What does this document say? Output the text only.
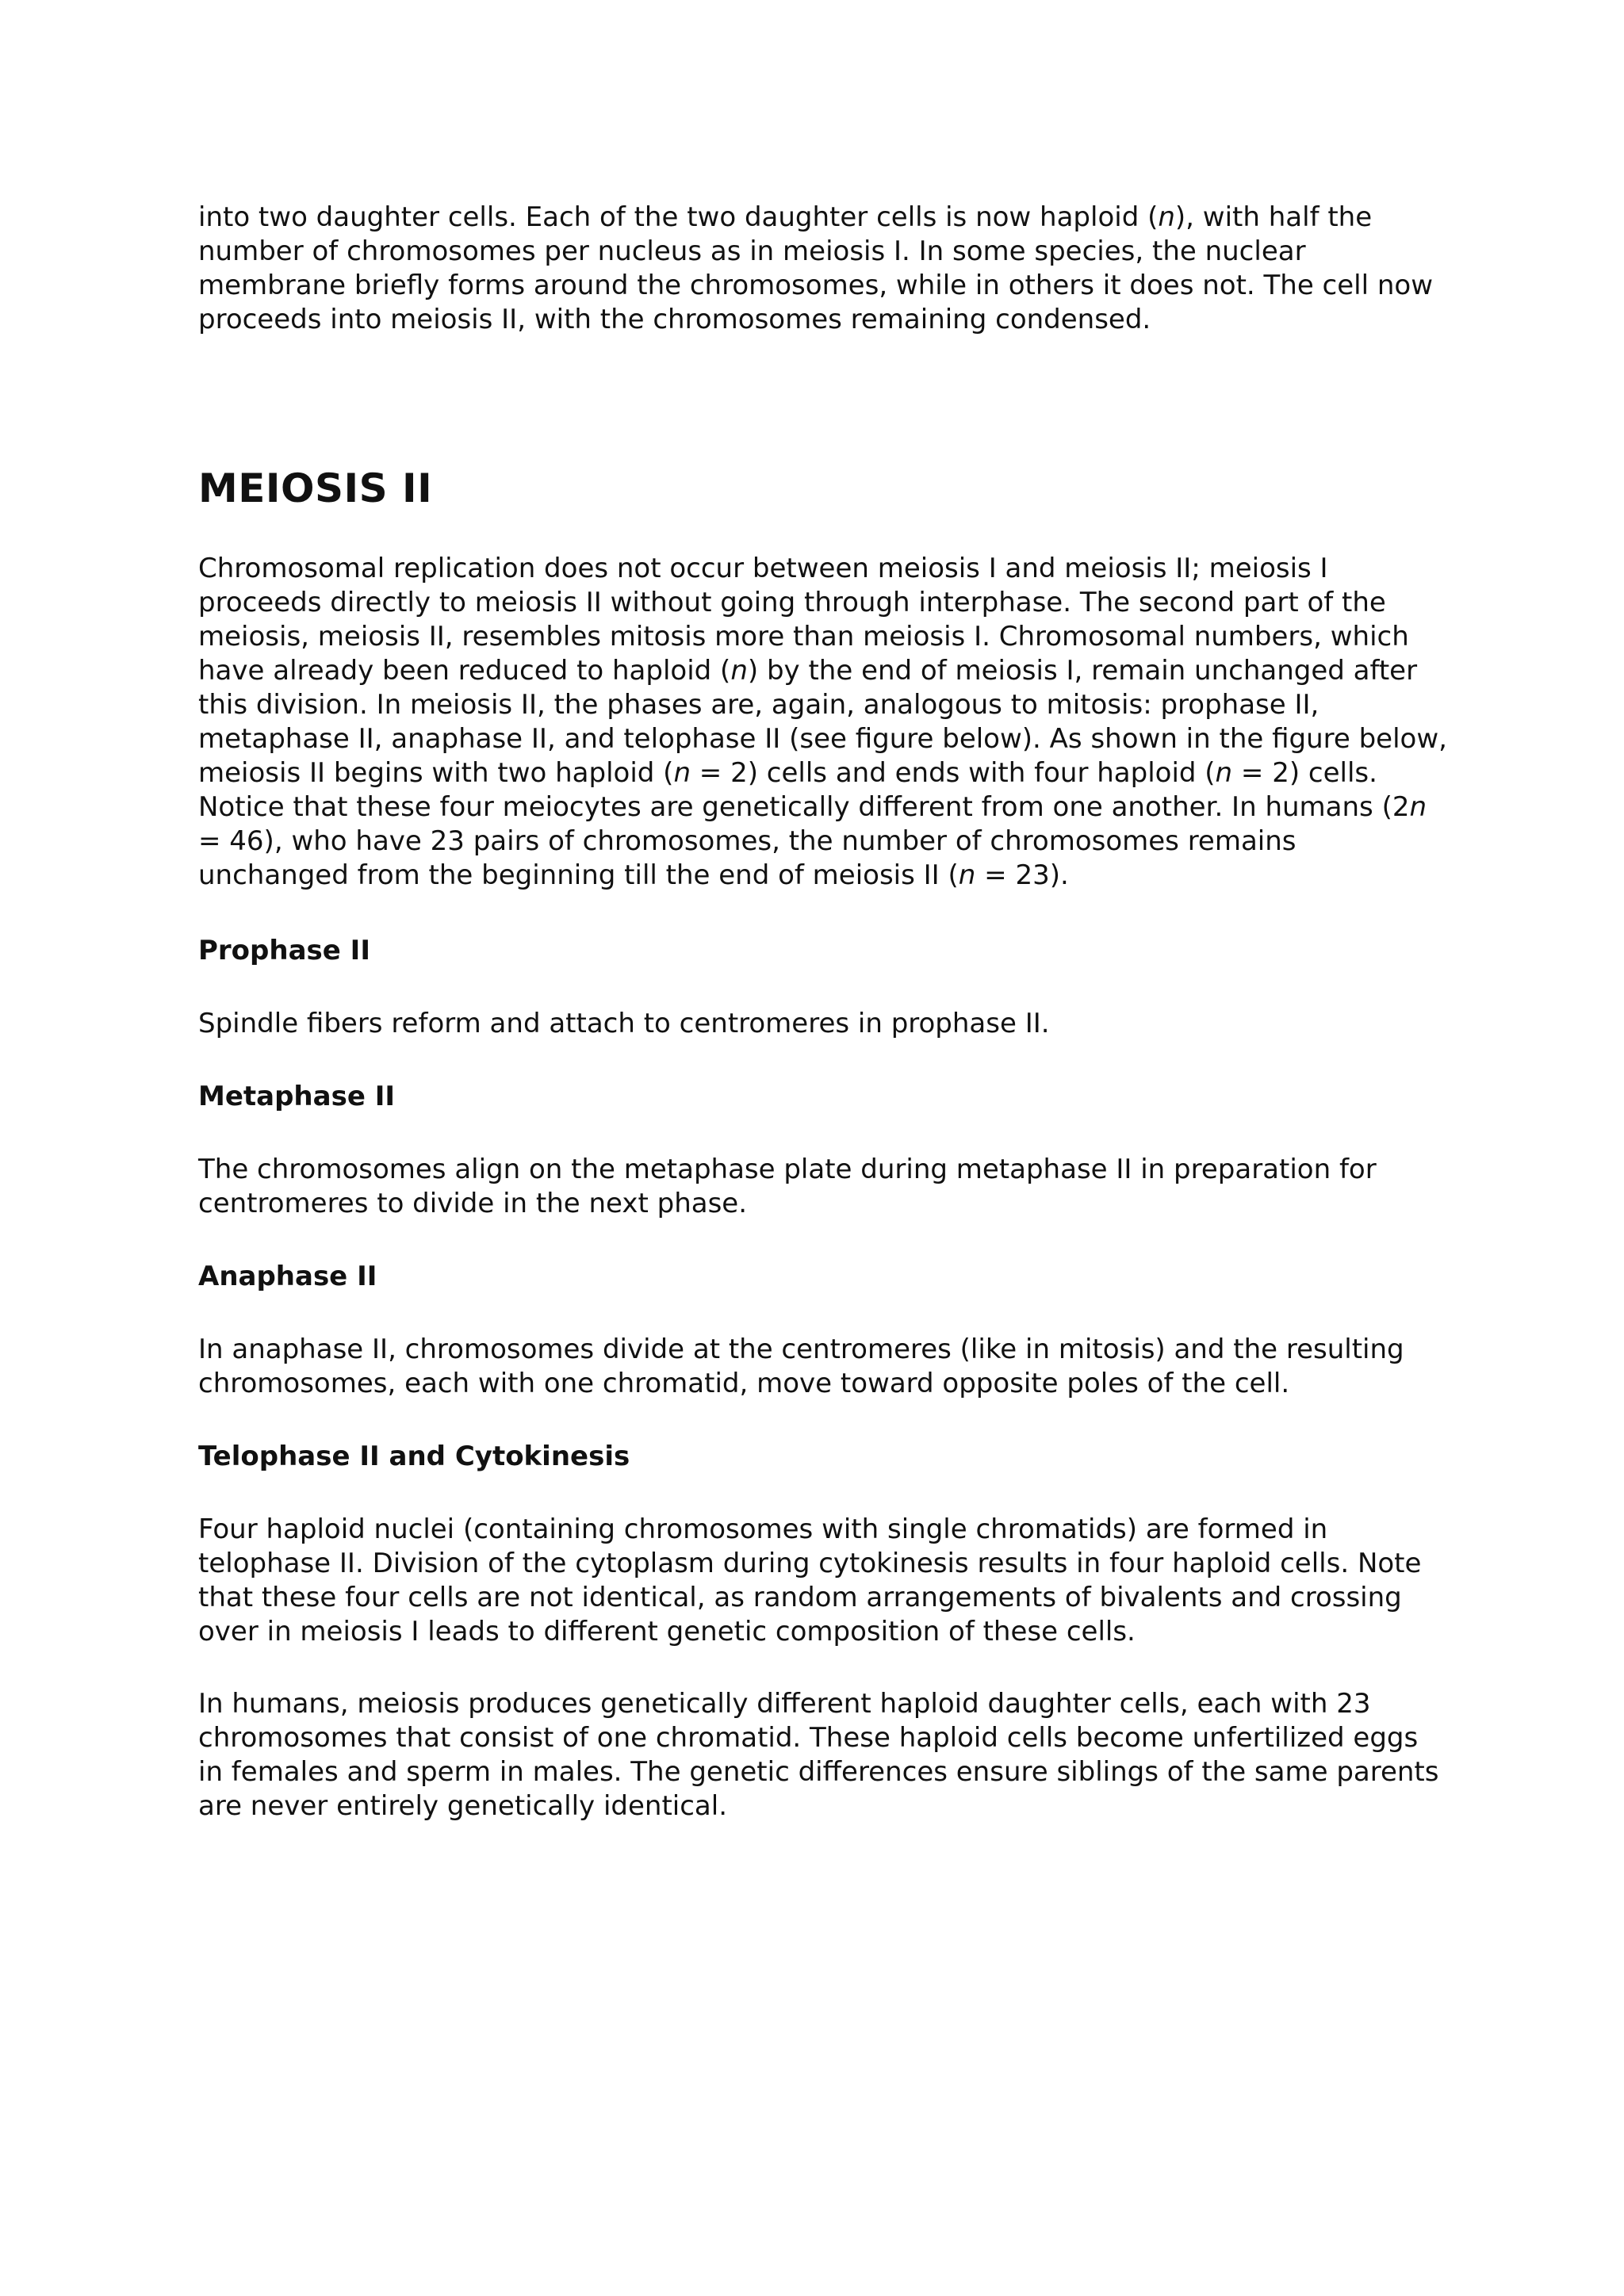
into two daughter cells. Each of the two daughter cells is now haploid (n), with half the number of chromosomes per nucleus as in meiosis I. In some species, the nuclear membrane briefly forms around the chromosomes, while in others it does not. The cell now proceeds into meiosis II, with the chromosomes remaining condensed.

MEIOSIS II

Chromosomal replication does not occur between meiosis I and meiosis II; meiosis I proceeds directly to meiosis II without going through interphase. The second part of the meiosis, meiosis II, resembles mitosis more than meiosis I. Chromosomal numbers, which have already been reduced to haploid (n) by the end of meiosis I, remain unchanged after this division. In meiosis II, the phases are, again, analogous to mitosis: prophase II, metaphase II, anaphase II, and telophase II (see figure below). As shown in the figure below, meiosis II begins with two haploid (n = 2) cells and ends with four haploid (n = 2) cells. Notice that these four meiocytes are genetically different from one another. In humans (2n = 46), who have 23 pairs of chromosomes, the number of chromosomes remains unchanged from the beginning till the end of meiosis II (n = 23).

Prophase II

Spindle fibers reform and attach to centromeres in prophase II.

Metaphase II

The chromosomes align on the metaphase plate during metaphase II in preparation for centromeres to divide in the next phase.

Anaphase II

In anaphase II, chromosomes divide at the centromeres (like in mitosis) and the resulting chromosomes, each with one chromatid, move toward opposite poles of the cell.

Telophase II and Cytokinesis

Four haploid nuclei (containing chromosomes with single chromatids) are formed in telophase II. Division of the cytoplasm during cytokinesis results in four haploid cells. Note that these four cells are not identical, as random arrangements of bivalents and crossing over in meiosis I leads to different genetic composition of these cells.

In humans, meiosis produces genetically different haploid daughter cells, each with 23 chromosomes that consist of one chromatid. These haploid cells become unfertilized eggs in females and sperm in males. The genetic differences ensure siblings of the same parents are never entirely genetically identical.
